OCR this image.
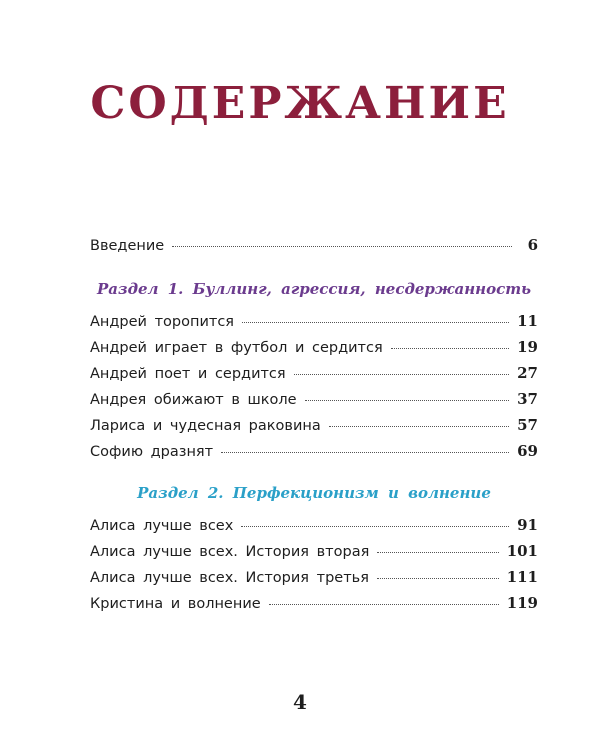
СОДЕРЖАНИЕ
Введение	6
Раздел 1. Буллинг, агрессия, несдержанность
Андрей торопится	11
Андрей играет в футбол и сердится	19
Андрей поет и сердится	27
Андрея обижают в школе	37
Лариса и чудесная раковина	57
Софию дразнят	69
Раздел 2. Перфекционизм и волнение
Алиса лучше всех	91
Алиса лучше всех. История вторая	101
Алиса лучше всех. История третья	111
Кристина и волнение	119
4
